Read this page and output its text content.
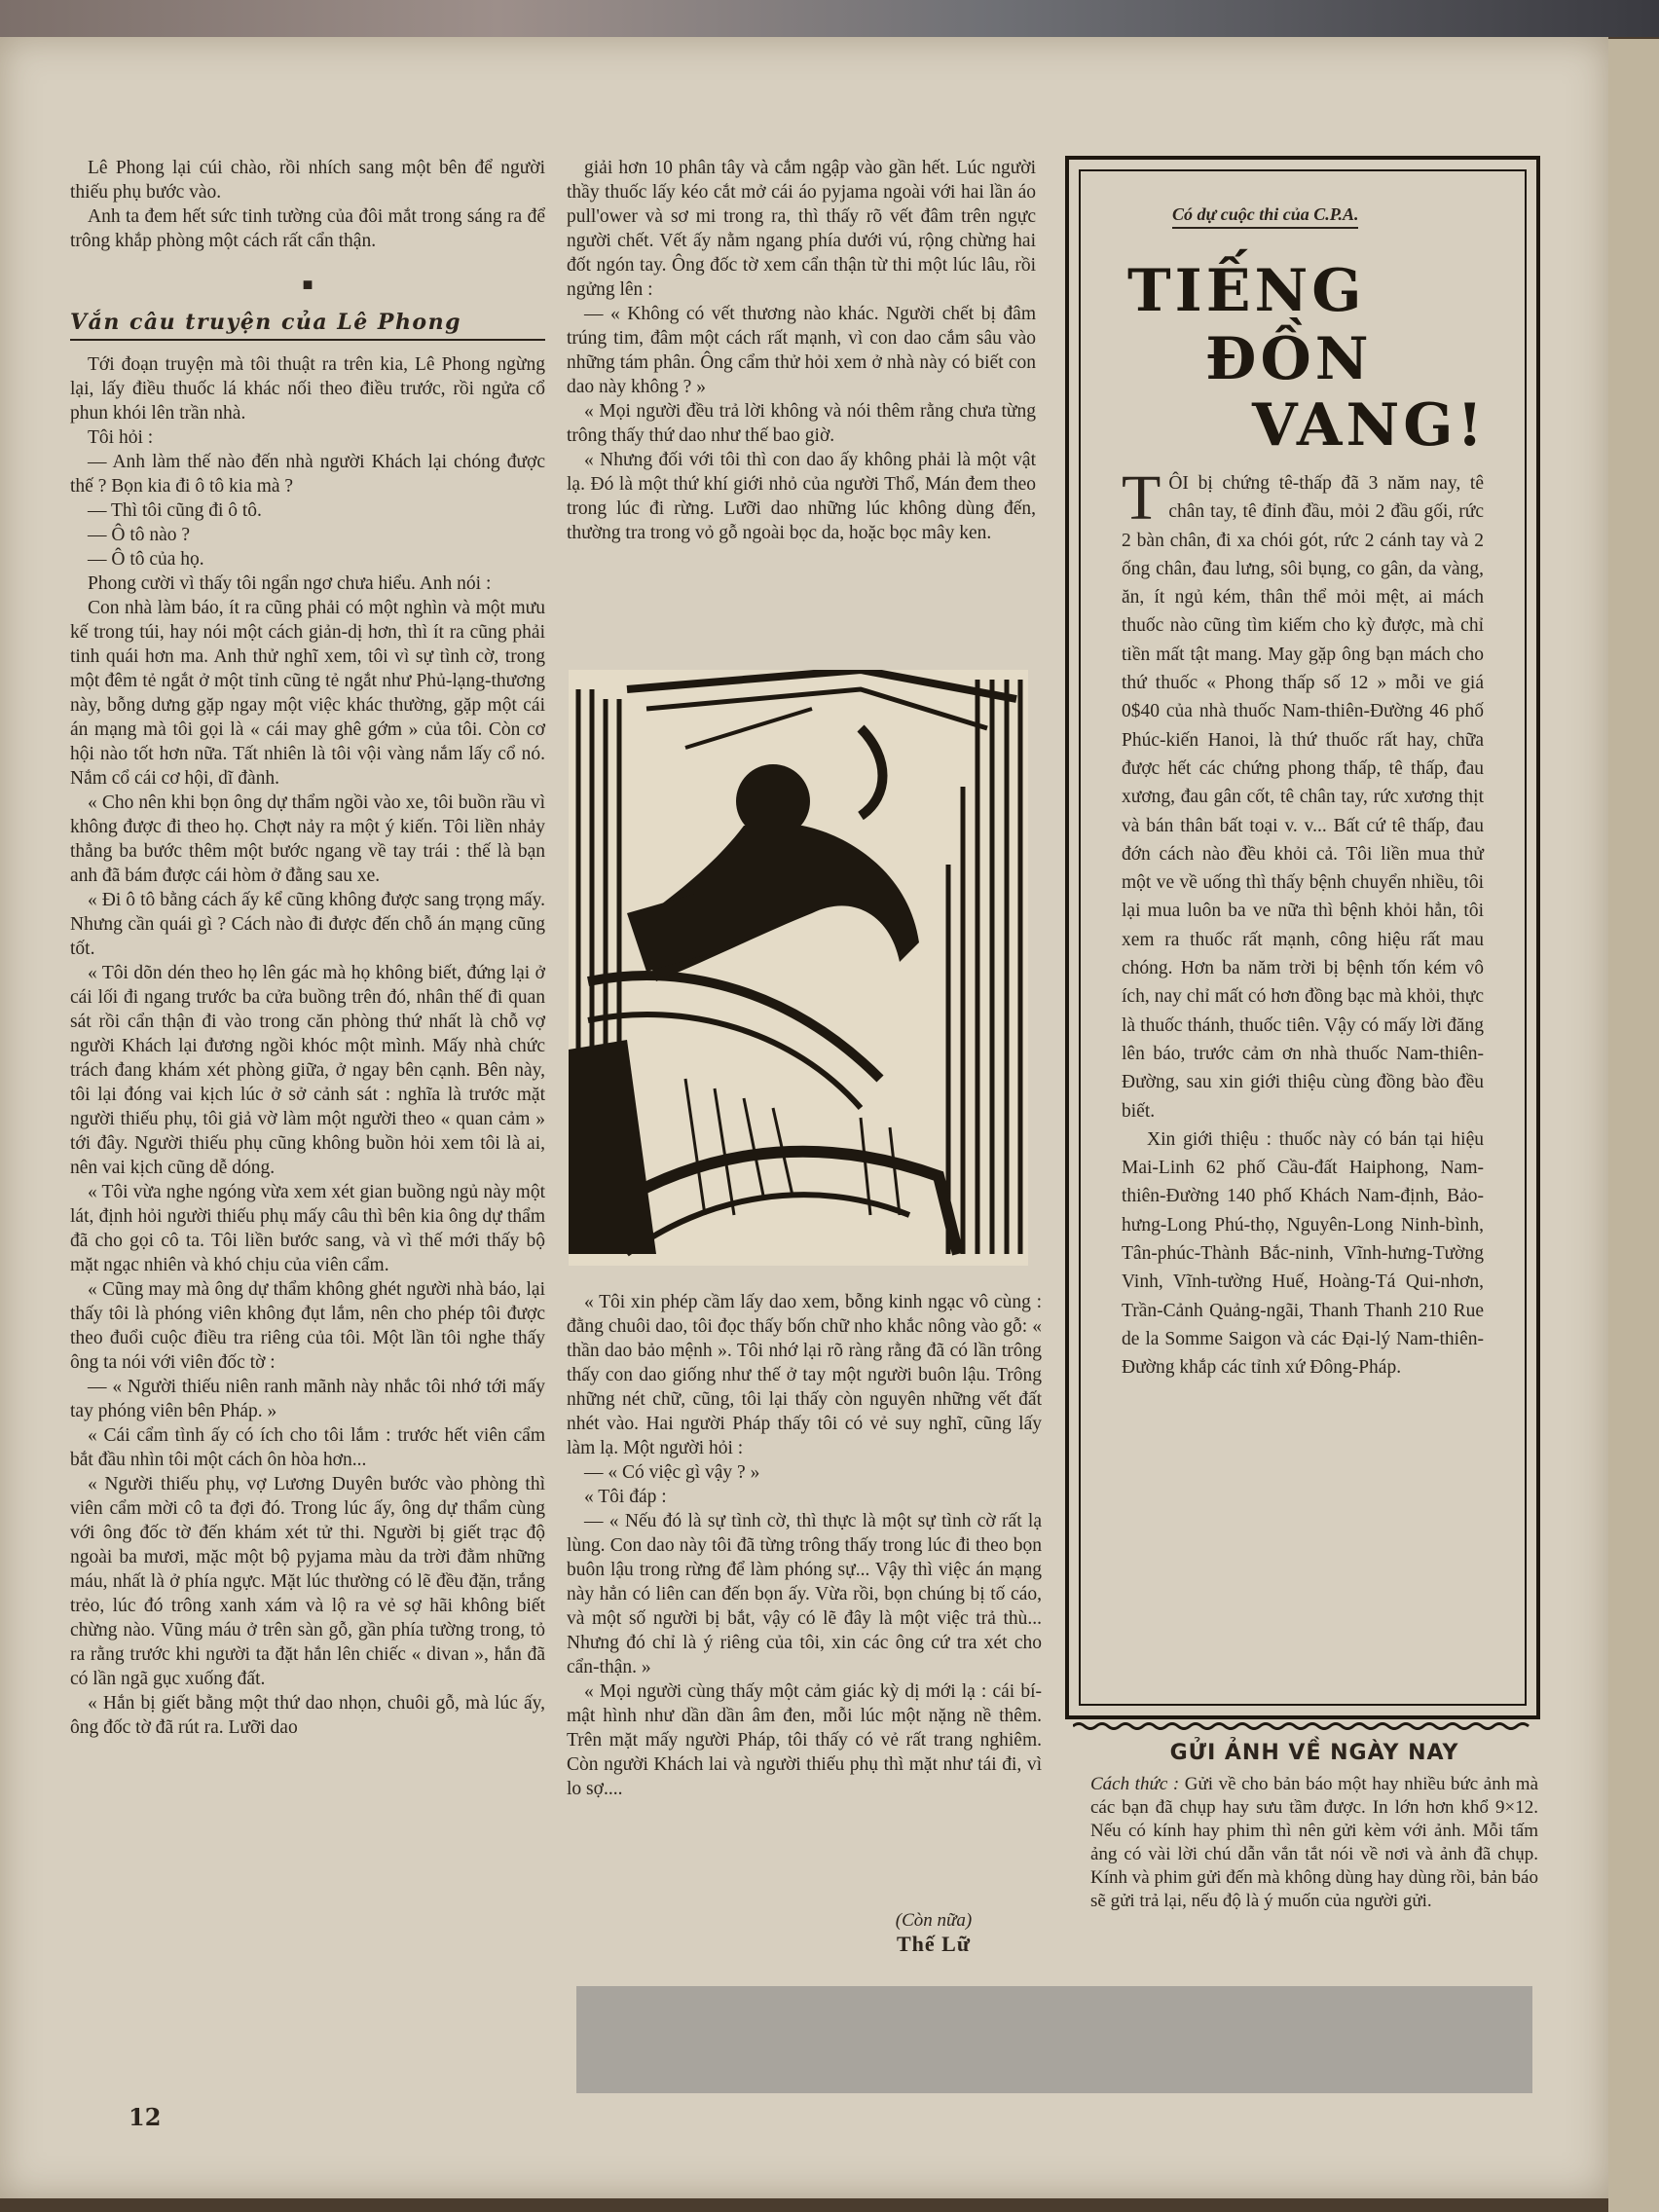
Lê Phong lại cúi chào, rồi nhích sang một bên để người thiếu phụ bước vào.

Anh ta đem hết sức tinh tường của đôi mắt trong sáng ra để trông khắp phòng một cách rất cẩn thận.

■
Vắn câu truyện của Lê Phong

Tới đoạn truyện mà tôi thuật ra trên kia, Lê Phong ngừng lại, lấy điều thuốc lá khác nối theo điều trước, rồi ngửa cổ phun khói lên trần nhà.

Tôi hỏi :

— Anh làm thế nào đến nhà người Khách lại chóng được thế ? Bọn kia đi ô tô kia mà ?

— Thì tôi cũng đi ô tô.

— Ô tô nào ?

— Ô tô của họ.

Phong cười vì thấy tôi ngẩn ngơ chưa hiểu. Anh nói :

Con nhà làm báo, ít ra cũng phải có một nghìn và một mưu kế trong túi, hay nói một cách giản-dị hơn, thì ít ra cũng phải tinh quái hơn ma. Anh thử nghĩ xem, tôi vì sự tình cờ, trong một đêm tẻ ngắt ở một tỉnh cũng tẻ ngắt như Phủ-lạng-thương này, bỗng dưng gặp ngay một việc khác thường, gặp một cái án mạng mà tôi gọi là « cái may ghê gớm » của tôi. Còn cơ hội nào tốt hơn nữa. Tất nhiên là tôi vội vàng nắm lấy cổ nó. Nắm cổ cái cơ hội, dĩ đành.

« Cho nên khi bọn ông dự thẩm ngồi vào xe, tôi buồn rầu vì không được đi theo họ. Chợt nảy ra một ý kiến. Tôi liền nhảy thẳng ba bước thêm một bước ngang về tay trái : thế là bạn anh đã bám được cái hòm ở đằng sau xe.

« Đi ô tô bằng cách ấy kể cũng không được sang trọng mấy. Nhưng cần quái gì ? Cách nào đi được đến chỗ án mạng cũng tốt.

« Tôi dõn dén theo họ lên gác mà họ không biết, đứng lại ở cái lối đi ngang trước ba cửa buồng trên đó, nhân thế đi quan sát rồi cẩn thận đi vào trong căn phòng thứ nhất là chỗ vợ người Khách lại đương ngồi khóc một mình. Mấy nhà chức trách đang khám xét phòng giữa, ở ngay bên cạnh. Bên này, tôi lại đóng vai kịch lúc ở sở cảnh sát : nghĩa là trước mặt người thiếu phụ, tôi giả vờ làm một người theo « quan cảm » tới đây. Người thiếu phụ cũng không buồn hỏi xem tôi là ai, nên vai kịch cũng dễ dóng.

« Tôi vừa nghe ngóng vừa xem xét gian buồng ngủ này một lát, định hỏi người thiếu phụ mấy câu thì bên kia ông dự thẩm đã cho gọi cô ta. Tôi liền bước sang, và vì thế mới thấy bộ mặt ngạc nhiên và khó chịu của viên cẩm.

« Cũng may mà ông dự thẩm không ghét người nhà báo, lại thấy tôi là phóng viên không đụt lắm, nên cho phép tôi được theo đuổi cuộc điều tra riêng của tôi. Một lần tôi nghe thấy ông ta nói với viên đốc tờ :

— « Người thiếu niên ranh mãnh này nhắc tôi nhớ tới mấy tay phóng viên bên Pháp. »

« Cái cẩm tình ấy có ích cho tôi lắm : trước hết viên cẩm bắt đầu nhìn tôi một cách ôn hòa hơn...

« Người thiếu phụ, vợ Lương Duyên bước vào phòng thì viên cẩm mời cô ta đợi đó. Trong lúc ấy, ông dự thẩm cùng với ông đốc tờ đến khám xét tử thi. Người bị giết trạc độ ngoài ba mươi, mặc một bộ pyjama màu da trời đằm những máu, nhất là ở phía ngực. Mặt lúc thường có lẽ đều đặn, trắng trẻo, lúc đó trông xanh xám và lộ ra vẻ sợ hãi không biết chừng nào. Vũng máu ở trên sàn gỗ, gần phía tường trong, tỏ ra rằng trước khi người ta đặt hắn lên chiếc « divan », hắn đã có lần ngã gục xuống đất.

« Hắn bị giết bằng một thứ dao nhọn, chuôi gỗ, mà lúc ấy, ông đốc tờ đã rút ra. Lưỡi dao

giải hơn 10 phân tây và cắm ngập vào gần hết. Lúc người thầy thuốc lấy kéo cắt mở cái áo pyjama ngoài với hai lần áo pull'ower và sơ mi trong ra, thì thấy rõ vết đâm trên ngực người chết. Vết ấy nằm ngang phía dưới vú, rộng chừng hai đốt ngón tay. Ông đốc tờ xem cẩn thận từ thi một lúc lâu, rồi ngửng lên :

— « Không có vết thương nào khác. Người chết bị đâm trúng tim, đâm một cách rất mạnh, vì con dao cắm sâu vào những tám phân. Ông cẩm thử hỏi xem ở nhà này có biết con dao này không ? »

« Mọi người đều trả lời không và nói thêm rằng chưa từng trông thấy thứ dao như thế bao giờ.

« Nhưng đối với tôi thì con dao ấy không phải là một vật lạ. Đó là một thứ khí giới nhỏ của người Thổ, Mán đem theo trong lúc đi rừng. Lưỡi dao những lúc không dùng đến, thường tra trong vỏ gỗ ngoài bọc da, hoặc bọc mây ken.

« Tôi xin phép cầm lấy dao xem, bỗng kinh ngạc vô cùng : đằng chuôi dao, tôi đọc thấy bốn chữ nho khắc nông vào gỗ: « thần dao bảo mệnh ». Tôi nhớ lại rõ ràng rằng đã có lần trông thấy con dao giống như thế ở tay một người buôn lậu. Trông những nét chữ, cũng, tôi lại thấy còn nguyên những vết đất nhét vào. Hai người Pháp thấy tôi có vẻ suy nghĩ, cũng lấy làm lạ. Một người hỏi :

— « Có việc gì vậy ? »

« Tôi đáp :

— « Nếu đó là sự tình cờ, thì thực là một sự tình cờ rất lạ lùng. Con dao này tôi đã từng trông thấy trong lúc đi theo bọn buôn lậu trong rừng để làm phóng sự... Vậy thì việc án mạng này hẳn có liên can đến bọn ấy. Vừa rồi, bọn chúng bị tố cáo, và một số người bị bắt, vậy có lẽ đây là một việc trả thù... Nhưng đó chỉ là ý riêng của tôi, xin các ông cứ tra xét cho cẩn-thận. »

« Mọi người cùng thấy một cảm giác kỳ dị mới lạ : cái bí-mật hình như dần dần âm đen, mỗi lúc một nặng nề thêm. Trên mặt mấy người Pháp, tôi thấy có vẻ rất trang nghiêm. Còn người Khách lai và người thiếu phụ thì mặt như tái đi, vì lo sợ....

(Còn nữa)
Thế Lữ
Có dự cuộc thi của C.P.A.
TIẾNG
ĐỒN
VANG!
T ÔI bị chứng tê-thấp đã 3 năm nay, tê chân tay, tê đỉnh đầu, mỏi 2 đầu gối, rức 2 bàn chân, đi xa chói gót, rức 2 cánh tay và 2 ống chân, đau lưng, sôi bụng, co gân, da vàng, ăn, ít ngủ kém, thân thể mỏi mệt, ai mách thuốc nào cũng tìm kiếm cho kỳ được, mà chỉ tiền mất tật mang. May gặp ông bạn mách cho thứ thuốc « Phong thấp số 12 » mỗi ve giá 0$40 của nhà thuốc Nam-thiên-Đường 46 phố Phúc-kiến Hanoi, là thứ thuốc rất hay, chữa được hết các chứng phong thấp, tê thấp, đau xương, đau gân cốt, tê chân tay, rức xương thịt và bán thân bất toại v. v... Bất cứ tê thấp, đau đớn cách nào đều khỏi cả. Tôi liền mua thử một ve về uống thì thấy bệnh chuyển nhiều, tôi lại mua luôn ba ve nữa thì bệnh khỏi hẳn, tôi xem ra thuốc rất mạnh, công hiệu rất mau chóng. Hơn ba năm trời bị bệnh tốn kém vô ích, nay chỉ mất có hơn đồng bạc mà khỏi, thực là thuốc thánh, thuốc tiên. Vậy có mấy lời đăng lên báo, trước cảm ơn nhà thuốc Nam-thiên-Đường, sau xin giới thiệu cùng đồng bào đều biết.

Xin giới thiệu : thuốc này có bán tại hiệu Mai-Linh 62 phố Cầu-đất Haiphong, Nam-thiên-Đường 140 phố Khách Nam-định, Bảo-hưng-Long Phú-thọ, Nguyên-Long Ninh-bình, Tân-phúc-Thành Bắc-ninh, Vĩnh-hưng-Tường Vinh, Vĩnh-tường Huế, Hoàng-Tá Qui-nhơn, Trần-Cảnh Quảng-ngãi, Thanh Thanh 210 Rue de la Somme Saigon và các Đại-lý Nam-thiên-Đường khắp các tỉnh xứ Đông-Pháp.

GỬI ẢNH VỀ NGÀY NAY
Cách thức : Gửi về cho bản báo một hay nhiều bức ảnh mà các bạn đã chụp hay sưu tầm được. In lớn hơn khổ 9×12. Nếu có kính hay phim thì nên gửi kèm với ảnh. Mỗi tấm ảng có vài lời chú dẫn vắn tắt nói về nơi và ảnh đã chụp. Kính và phim gửi đến mà không dùng hay dùng rồi, bản báo sẽ gửi trả lại, nếu độ là ý muốn của người gửi.
12
